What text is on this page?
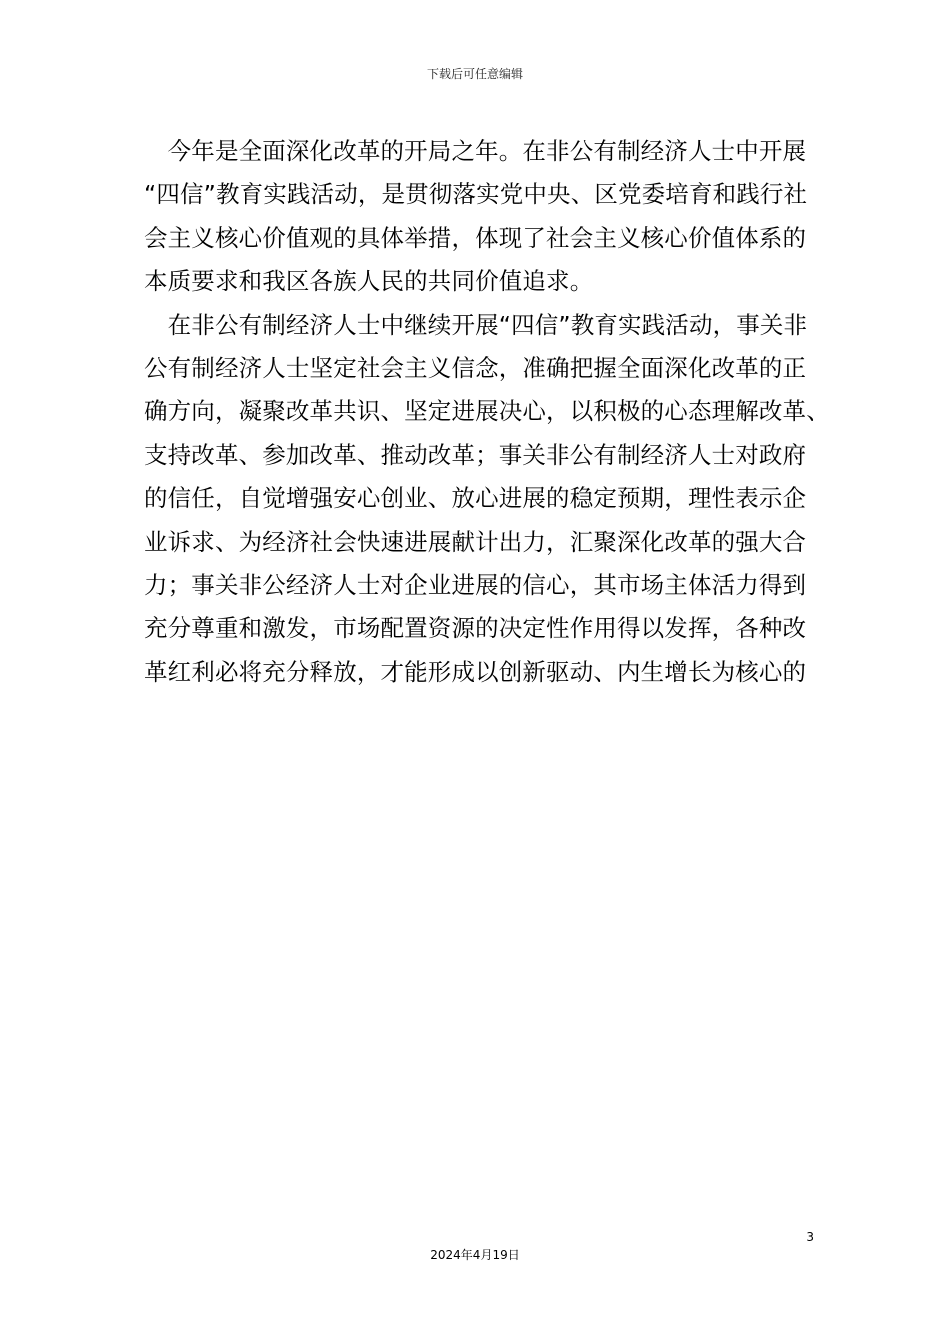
下载后可任意编辑
　今年是全面深化改革的开局之年。在非公有制经济人士中开展
“四信”教育实践活动，是贯彻落实党中央、区党委培育和践行社
会主义核心价值观的具体举措，体现了社会主义核心价值体系的
本质要求和我区各族人民的共同价值追求。
　在非公有制经济人士中继续开展“四信”教育实践活动，事关非
公有制经济人士坚定社会主义信念，准确把握全面深化改革的正
确方向，凝聚改革共识、坚定进展决心，以积极的心态理解改革、
支持改革、参加改革、推动改革；事关非公有制经济人士对政府
的信任，自觉增强安心创业、放心进展的稳定预期，理性表示企
业诉求、为经济社会快速进展献计出力，汇聚深化改革的强大合
力；事关非公经济人士对企业进展的信心，其市场主体活力得到
充分尊重和激发，市场配置资源的决定性作用得以发挥，各种改
革红利必将充分释放，才能形成以创新驱动、内生增长为核心的
3
2024年4月19日
